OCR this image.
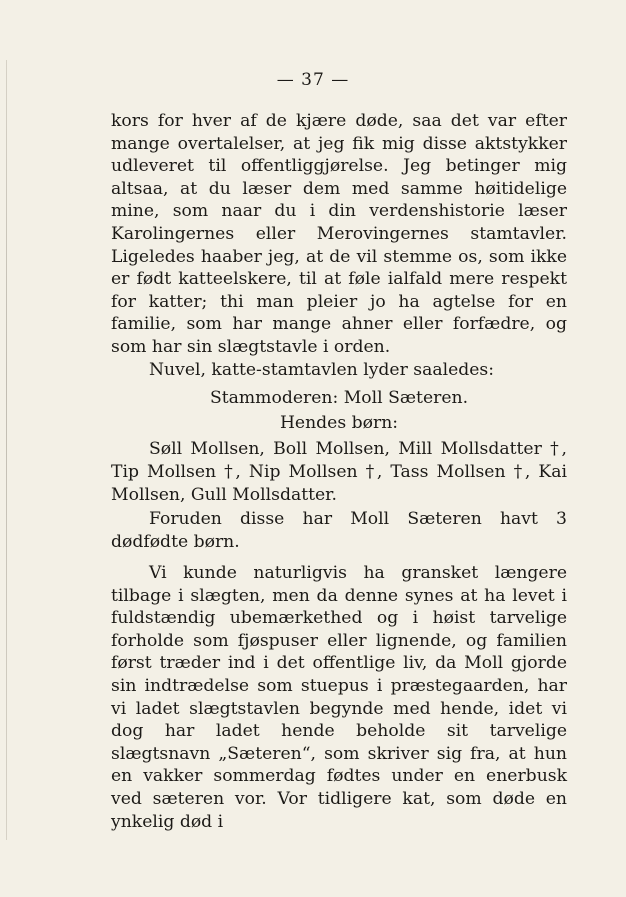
— 37 —

kors for hver af de kjære døde, saa det var efter mange overtalelser, at jeg fik mig disse aktstykker udleveret til offentliggjørelse. Jeg betinger mig altsaa, at du læser dem med samme høitidelige mine, som naar du i din verdenshistorie læser Karolingernes eller Merovingernes stamtavler. Ligeledes haaber jeg, at de vil stemme os, som ikke er født katteelskere, til at føle ialfald mere respekt for katter; thi man pleier jo ha agtelse for en familie, som har mange ahner eller forfædre, og som har sin slægtstavle i orden.

Nuvel, katte-stamtavlen lyder saaledes:

Stammoderen: Moll Sæteren.

Hendes børn:

Søll Mollsen, Boll Mollsen, Mill Mollsdatter †, Tip Mollsen †, Nip Mollsen †, Tass Mollsen †, Kai Mollsen, Gull Mollsdatter.

Foruden disse har Moll Sæteren havt 3 dødfødte børn.

Vi kunde naturligvis ha gransket længere tilbage i slægten, men da denne synes at ha levet i fuldstændig ubemærkethed og i høist tarvelige forholde som fjøspuser eller lignende, og familien først træder ind i det offentlige liv, da Moll gjorde sin indtrædelse som stuepus i præstegaarden, har vi ladet slægtstavlen begynde med hende, idet vi dog har ladet hende beholde sit tarvelige slægtsnavn „Sæteren“, som skriver sig fra, at hun en vakker sommerdag fødtes under en enerbusk ved sæteren vor. Vor tidligere kat, som døde en ynkelig død i
